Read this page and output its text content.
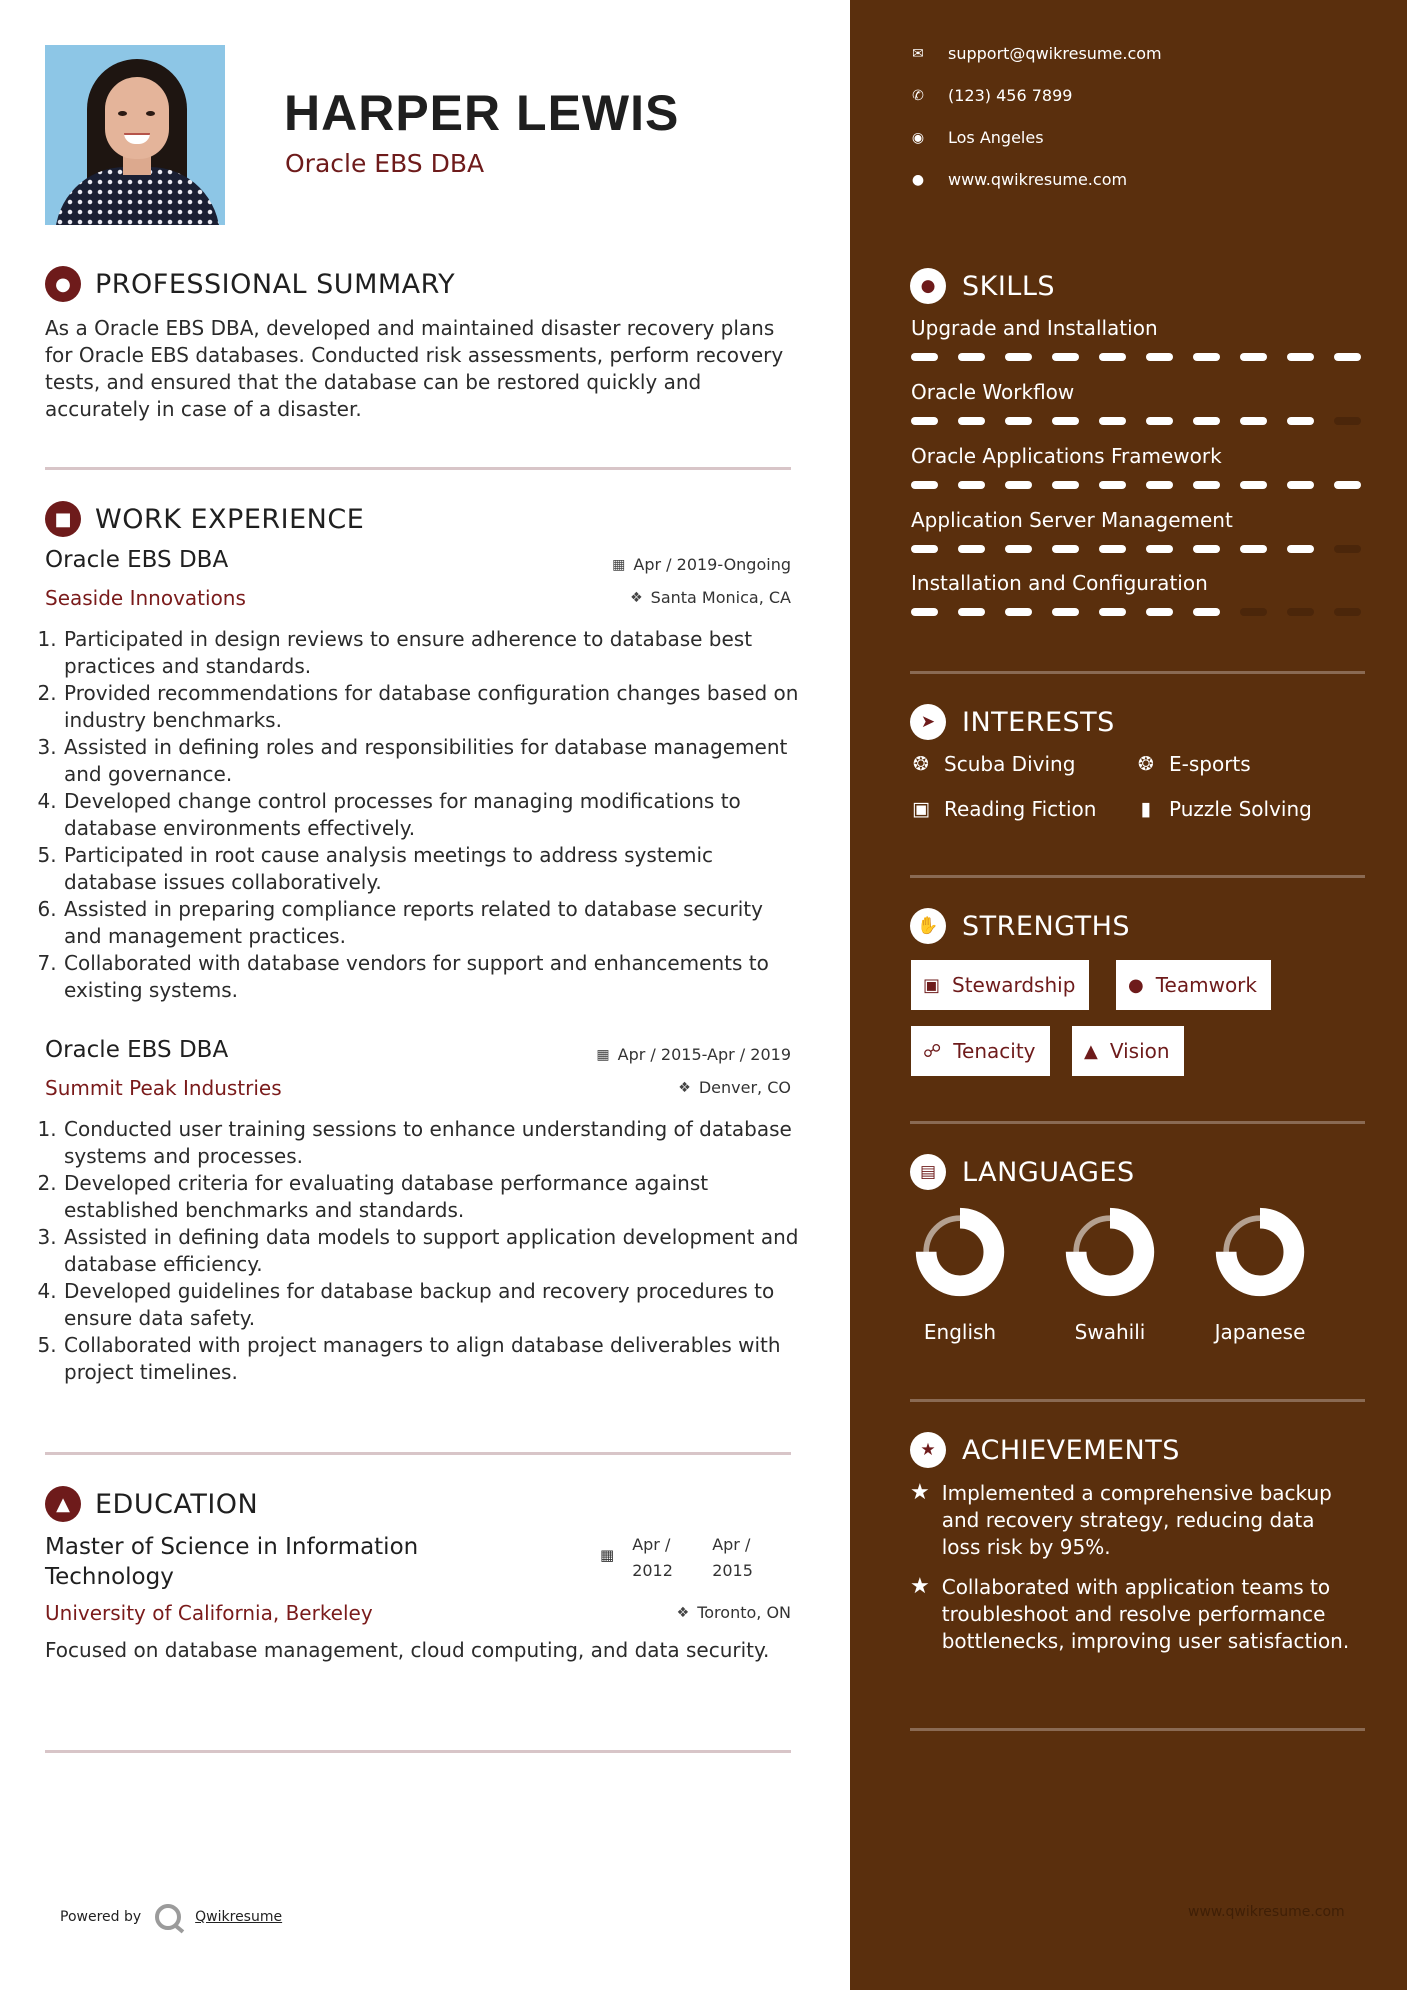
HARPER LEWIS
Oracle EBS DBA
● PROFESSIONAL SUMMARY
As a Oracle EBS DBA, developed and maintained disaster recovery plans for Oracle EBS databases. Conducted risk assessments, perform recovery tests, and ensured that the database can be restored quickly and accurately in case of a disaster.
■ WORK EXPERIENCE
Oracle EBS DBA	▦ Apr / 2019-Ongoing
Seaside Innovations	❖ Santa Monica, CA
1. Participated in design reviews to ensure adherence to database best practices and standards.
2. Provided recommendations for database configuration changes based on industry benchmarks.
3. Assisted in defining roles and responsibilities for database management and governance.
4. Developed change control processes for managing modifications to database environments effectively.
5. Participated in root cause analysis meetings to address systemic database issues collaboratively.
6. Assisted in preparing compliance reports related to database security and management practices.
7. Collaborated with database vendors for support and enhancements to existing systems.
Oracle EBS DBA	▦ Apr / 2015-Apr / 2019
Summit Peak Industries	❖ Denver, CO
1. Conducted user training sessions to enhance understanding of database systems and processes.
2. Developed criteria for evaluating database performance against established benchmarks and standards.
3. Assisted in defining data models to support application development and database efficiency.
4. Developed guidelines for database backup and recovery procedures to ensure data safety.
5. Collaborated with project managers to align database deliverables with project timelines.
▲ EDUCATION
Master of Science in Information Technology
▦
Apr / 2012
Apr / 2015
University of California, Berkeley	❖ Toronto, ON
Focused on database management, cloud computing, and data security.
Powered by	Qwikresume
✉ support@qwikresume.com
✆ (123) 456 7899
◉ Los Angeles
● www.qwikresume.com
● SKILLS
Upgrade and Installation
Oracle Workflow
Oracle Applications Framework
Application Server Management
Installation and Configuration
➤ INTERESTS
❂ Scuba Diving	❂ E-sports
▣ Reading Fiction	▮ Puzzle Solving
✋ STRENGTHS
▣ Stewardship	● Teamwork
☍ Tenacity	▲ Vision
▤ LANGUAGES
English	Swahili	Japanese
★ ACHIEVEMENTS
★ Implemented a comprehensive backup and recovery strategy, reducing data loss risk by 95%.
★ Collaborated with application teams to troubleshoot and resolve performance bottlenecks, improving user satisfaction.
www.qwikresume.com
